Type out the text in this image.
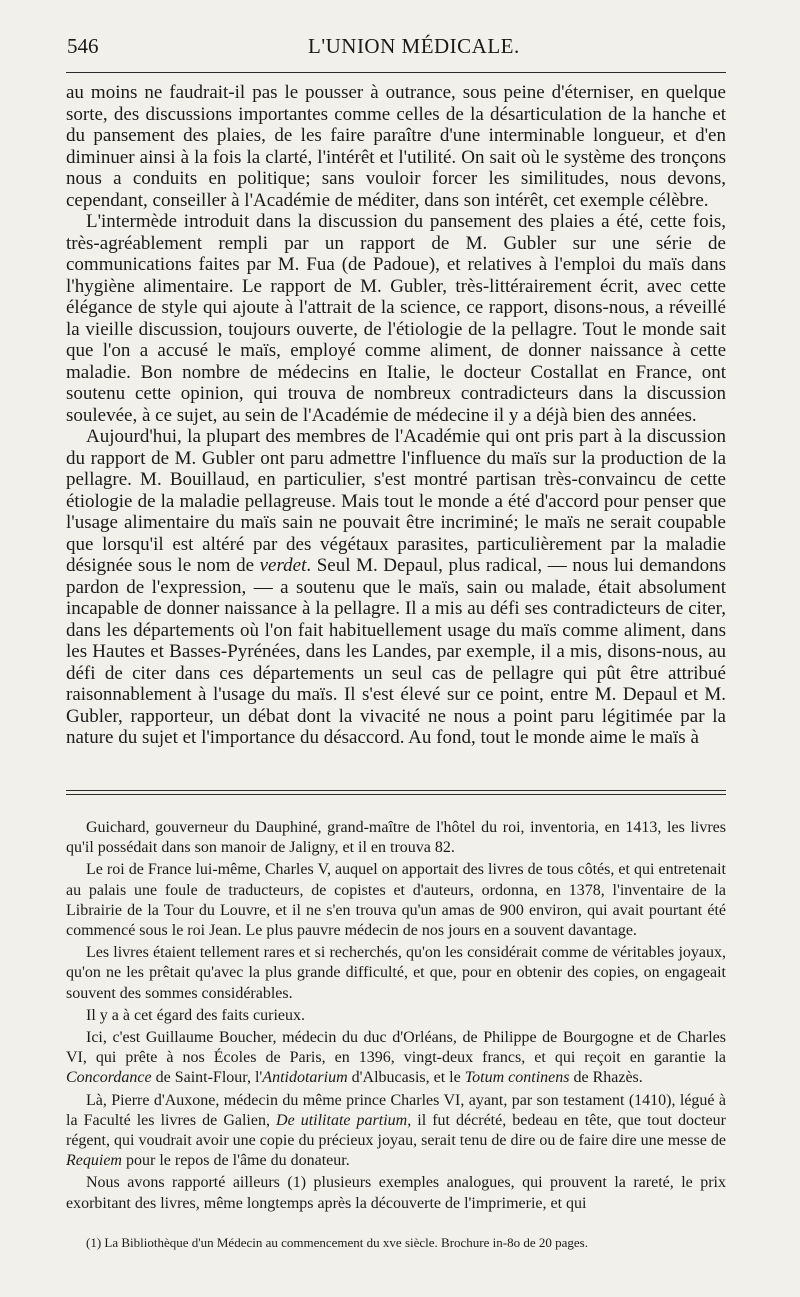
546	L'UNION MÉDICALE.

au moins ne faudrait-il pas le pousser à outrance, sous peine d'éterniser, en quelque sorte, des discussions importantes comme celles de la désarticulation de la hanche et du pansement des plaies, de les faire paraître d'une interminable longueur, et d'en diminuer ainsi à la fois la clarté, l'intérêt et l'utilité. On sait où le système des tronçons nous a conduits en politique; sans vouloir forcer les similitudes, nous devons, cependant, conseiller à l'Académie de méditer, dans son intérêt, cet exemple célèbre.

L'intermède introduit dans la discussion du pansement des plaies a été, cette fois, très-agréablement rempli par un rapport de M. Gubler sur une série de communications faites par M. Fua (de Padoue), et relatives à l'emploi du maïs dans l'hygiène alimentaire. Le rapport de M. Gubler, très-littérairement écrit, avec cette élégance de style qui ajoute à l'attrait de la science, ce rapport, disons-nous, a réveillé la vieille discussion, toujours ouverte, de l'étiologie de la pellagre. Tout le monde sait que l'on a accusé le maïs, employé comme aliment, de donner naissance à cette maladie. Bon nombre de médecins en Italie, le docteur Costallat en France, ont soutenu cette opinion, qui trouva de nombreux contradicteurs dans la discussion soulevée, à ce sujet, au sein de l'Académie de médecine il y a déjà bien des années.

Aujourd'hui, la plupart des membres de l'Académie qui ont pris part à la discussion du rapport de M. Gubler ont paru admettre l'influence du maïs sur la production de la pellagre. M. Bouillaud, en particulier, s'est montré partisan très-convaincu de cette étiologie de la maladie pellagreuse. Mais tout le monde a été d'accord pour penser que l'usage alimentaire du maïs sain ne pouvait être incriminé; le maïs ne serait coupable que lorsqu'il est altéré par des végétaux parasites, particulièrement par la maladie désignée sous le nom de verdet. Seul M. Depaul, plus radical, — nous lui demandons pardon de l'expression, — a soutenu que le maïs, sain ou malade, était absolument incapable de donner naissance à la pellagre. Il a mis au défi ses contradicteurs de citer, dans les départements où l'on fait habituellement usage du maïs comme aliment, dans les Hautes et Basses-Pyrénées, dans les Landes, par exemple, il a mis, disons-nous, au défi de citer dans ces départements un seul cas de pellagre qui pût être attribué raisonnablement à l'usage du maïs. Il s'est élevé sur ce point, entre M. Depaul et M. Gubler, rapporteur, un débat dont la vivacité ne nous a point paru légitimée par la nature du sujet et l'importance du désaccord. Au fond, tout le monde aime le maïs à

Guichard, gouverneur du Dauphiné, grand-maître de l'hôtel du roi, inventoria, en 1413, les livres qu'il possédait dans son manoir de Jaligny, et il en trouva 82.

Le roi de France lui-même, Charles V, auquel on apportait des livres de tous côtés, et qui entretenait au palais une foule de traducteurs, de copistes et d'auteurs, ordonna, en 1378, l'inventaire de la Librairie de la Tour du Louvre, et il ne s'en trouva qu'un amas de 900 environ, qui avait pourtant été commencé sous le roi Jean. Le plus pauvre médecin de nos jours en a souvent davantage.

Les livres étaient tellement rares et si recherchés, qu'on les considérait comme de véritables joyaux, qu'on ne les prêtait qu'avec la plus grande difficulté, et que, pour en obtenir des copies, on engageait souvent des sommes considérables.

Il y a à cet égard des faits curieux.

Ici, c'est Guillaume Boucher, médecin du duc d'Orléans, de Philippe de Bourgogne et de Charles VI, qui prête à nos Écoles de Paris, en 1396, vingt-deux francs, et qui reçoit en garantie la Concordance de Saint-Flour, l'Antidotarium d'Albucasis, et le Totum continens de Rhazès.

Là, Pierre d'Auxone, médecin du même prince Charles VI, ayant, par son testament (1410), légué à la Faculté les livres de Galien, De utilitate partium, il fut décrété, bedeau en tête, que tout docteur régent, qui voudrait avoir une copie du précieux joyau, serait tenu de dire ou de faire dire une messe de Requiem pour le repos de l'âme du donateur.

Nous avons rapporté ailleurs (1) plusieurs exemples analogues, qui prouvent la rareté, le prix exorbitant des livres, même longtemps après la découverte de l'imprimerie, et qui

(1) La Bibliothèque d'un Médecin au commencement du xve siècle. Brochure in-8o de 20 pages.
